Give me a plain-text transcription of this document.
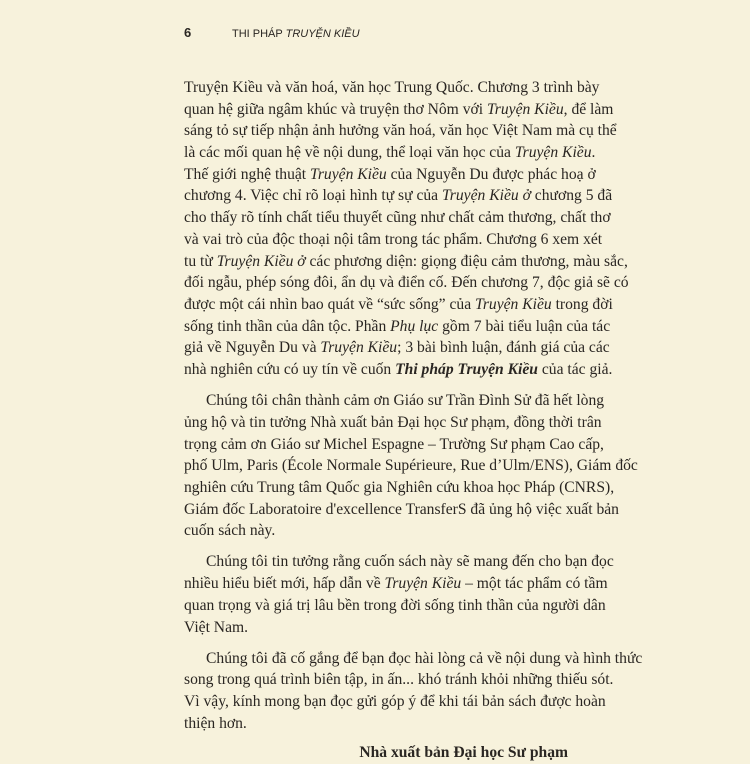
6	THI PHÁP TRUYỆN KIỀU
Truyện Kiều và văn hoá, văn học Trung Quốc. Chương 3 trình bày
quan hệ giữa ngâm khúc và truyện thơ Nôm với Truyện Kiều, để làm
sáng tỏ sự tiếp nhận ảnh hưởng văn hoá, văn học Việt Nam mà cụ thể
là các mối quan hệ về nội dung, thể loại văn học của Truyện Kiều.
Thế giới nghệ thuật Truyện Kiều của Nguyễn Du được phác hoạ ở
chương 4. Việc chỉ rõ loại hình tự sự của Truyện Kiều ở chương 5 đã
cho thấy rõ tính chất tiểu thuyết cũng như chất cảm thương, chất thơ
và vai trò của độc thoại nội tâm trong tác phẩm. Chương 6 xem xét
tu từ Truyện Kiều ở các phương diện: giọng điệu cảm thương, màu sắc,
đối ngẫu, phép sóng đôi, ẩn dụ và điển cố. Đến chương 7, độc giả sẽ có
được một cái nhìn bao quát về “sức sống” của Truyện Kiều trong đời
sống tinh thần của dân tộc. Phần Phụ lục gồm 7 bài tiểu luận của tác
giả về Nguyễn Du và Truyện Kiều; 3 bài bình luận, đánh giá của các
nhà nghiên cứu có uy tín về cuốn Thi pháp Truyện Kiều của tác giả.
Chúng tôi chân thành cảm ơn Giáo sư Trần Đình Sử đã hết lòng
ủng hộ và tin tưởng Nhà xuất bản Đại học Sư phạm, đồng thời trân
trọng cảm ơn Giáo sư Michel Espagne – Trường Sư phạm Cao cấp,
phố Ulm, Paris (École Normale Supérieure, Rue d’Ulm/ENS), Giám đốc
nghiên cứu Trung tâm Quốc gia Nghiên cứu khoa học Pháp (CNRS),
Giám đốc Laboratoire d'excellence TransferS đã ủng hộ việc xuất bản
cuốn sách này.
Chúng tôi tin tưởng rằng cuốn sách này sẽ mang đến cho bạn đọc
nhiều hiểu biết mới, hấp dẫn về Truyện Kiều – một tác phẩm có tầm
quan trọng và giá trị lâu bền trong đời sống tinh thần của người dân
Việt Nam.
Chúng tôi đã cố gắng để bạn đọc hài lòng cả về nội dung và hình thức
song trong quá trình biên tập, in ấn... khó tránh khỏi những thiếu sót.
Vì vậy, kính mong bạn đọc gửi góp ý để khi tái bản sách được hoàn
thiện hơn.
Nhà xuất bản Đại học Sư phạm
